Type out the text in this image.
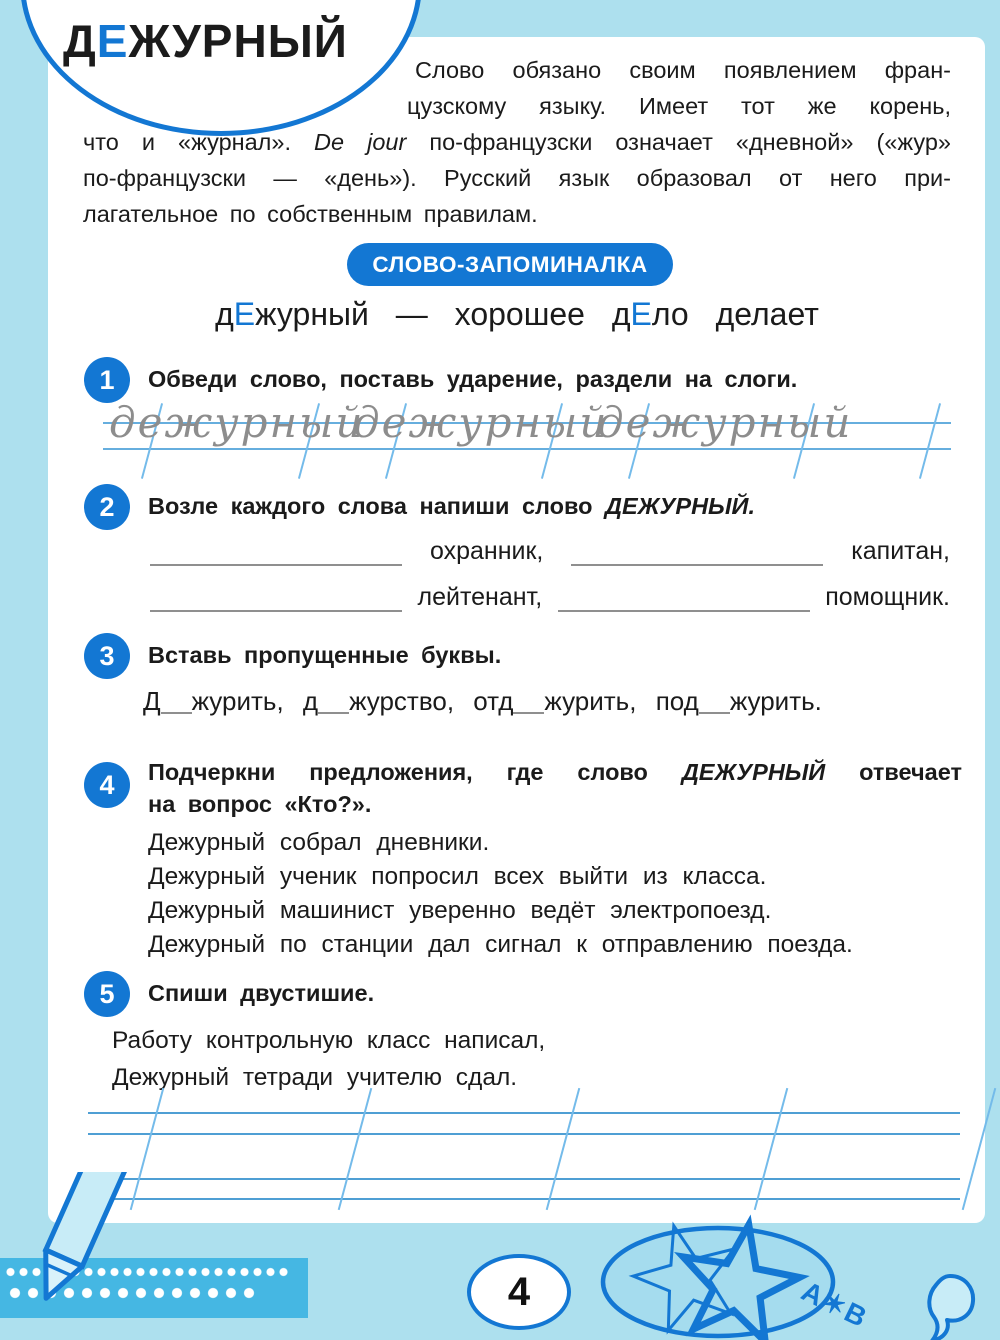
ДЕЖУРНЫЙ
Слово обязано своим появлением фран-
цузскому языку. Имеет тот же корень,
что и «журнал». De jour по-французски означает «дневной» («жур»
по-французски — «день»). Русский язык образовал от него при-
лагательное по собственным правилам.
СЛОВО-ЗАПОМИНАЛКА
дЕжурный — хорошее дЕло делает
1	Обведи слово, поставь ударение, раздели на слоги.
дежурный
дежурный
дежурный
2	Возле каждого слова напиши слово ДЕЖУРНЫЙ.
охранник,	капитан,
лейтенант,	помощник.
3	Вставь пропущенные буквы.
Д журить, д журство, отд журить, под журить.
4	Подчеркни предложения, где слово ДЕЖУРНЫЙ отвечает
на вопрос «Кто?».
Дежурный собрал дневники.
Дежурный ученик попросил всех выйти из класса.
Дежурный машинист уверенно ведёт электропоезд.
Дежурный по станции дал сигнал к отправлению поезда.
5	Спиши двустишие.
Работу контрольную класс написал,
Дежурный тетради учителю сдал.
4	А✶В
